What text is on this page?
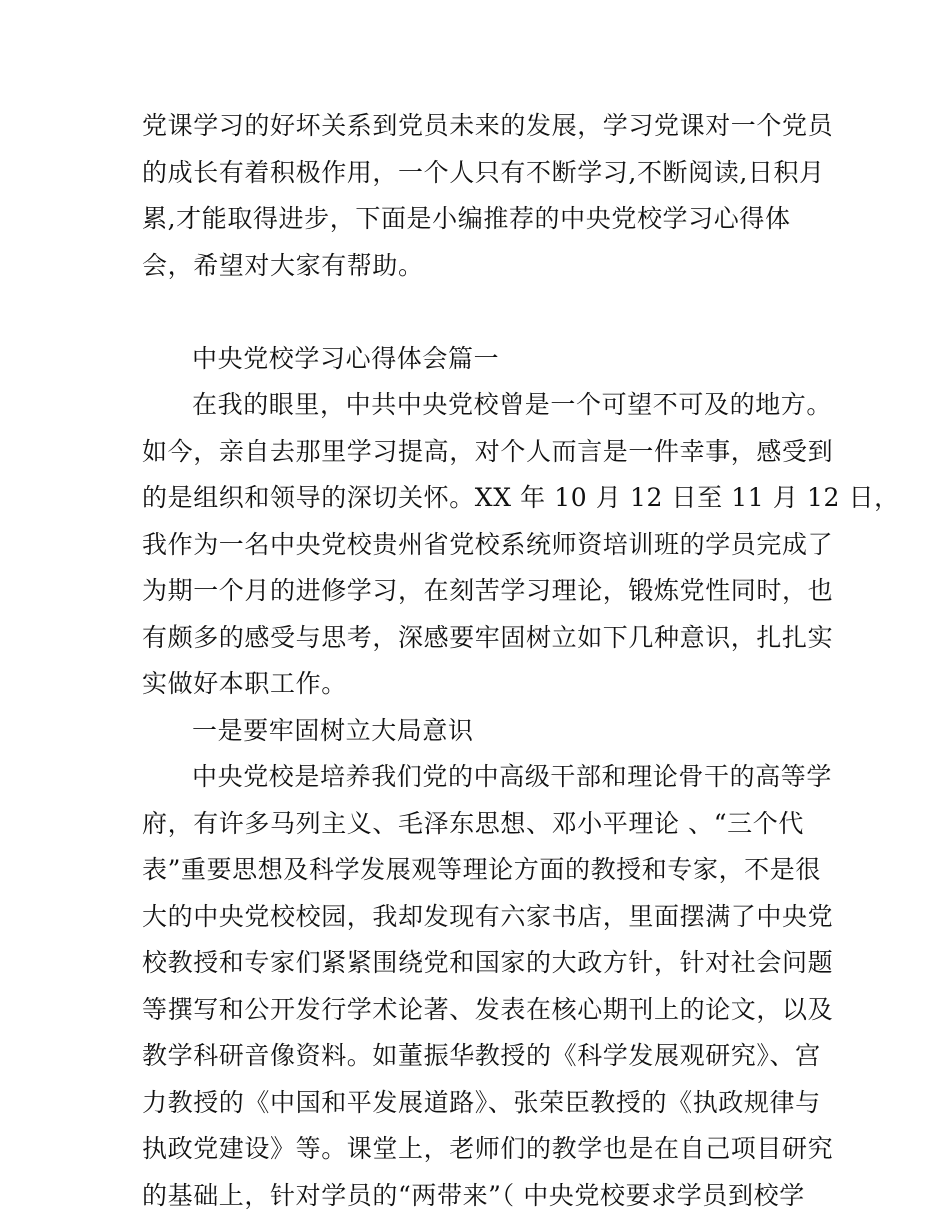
党课学习的好坏关系到党员未来的发展，学习党课对一个党员
的成长有着积极作用，一个人只有不断学习,不断阅读,日积月
累,才能取得进步，下面是小编推荐的中央党校学习心得体
会，希望对大家有帮助。

中央党校学习心得体会篇一

在我的眼里，中共中央党校曾是一个可望不可及的地方。
如今，亲自去那里学习提高，对个人而言是一件幸事，感受到
的是组织和领导的深切关怀。XX 年 10 月 12 日至 11 月 12 日，
我作为一名中央党校贵州省党校系统师资培训班的学员完成了
为期一个月的进修学习，在刻苦学习理论，锻炼党性同时，也
有颇多的感受与思考，深感要牢固树立如下几种意识，扎扎实
实做好本职工作。

一是要牢固树立大局意识

中央党校是培养我们党的中高级干部和理论骨干的高等学
府，有许多马列主义、毛泽东思想、邓小平理论 、“三个代
表”重要思想及科学发展观等理论方面的教授和专家，不是很
大的中央党校校园，我却发现有六家书店，里面摆满了中央党
校教授和专家们紧紧围绕党和国家的大政方针，针对社会问题
等撰写和公开发行学术论著、发表在核心期刊上的论文，以及
教学科研音像资料。如董振华教授的《科学发展观研究》、宫
力教授的《中国和平发展道路》、张荣臣教授的《执政规律与
执政党建设》等。课堂上，老师们的教学也是在自己项目研究
的基础上，针对学员的“两带来”（ 中央党校要求学员到校学
